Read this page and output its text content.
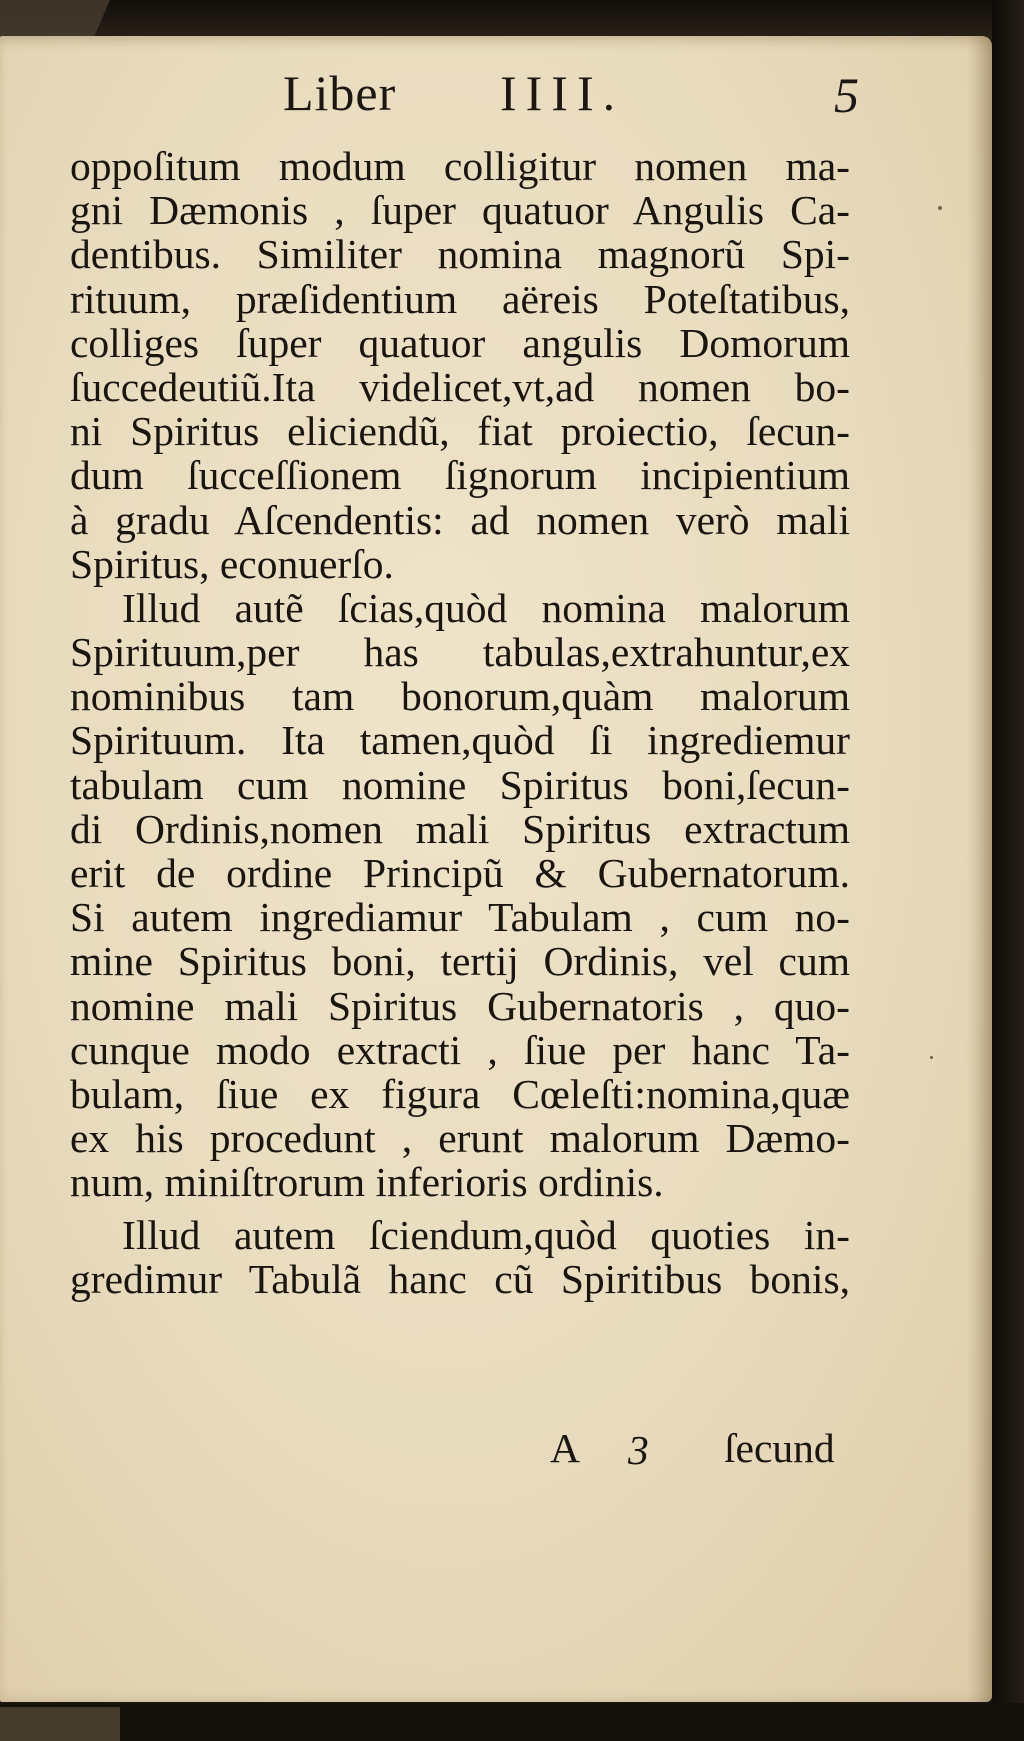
Liber IIII.	5
oppoſitum modum colligitur nomen ma-
gni Dæmonis , ſuper quatuor Angulis Ca-
dentibus. Similiter nomina magnorũ Spi-
rituum, præſidentium aëreis Poteſtatibus,
colliges ſuper quatuor angulis Domorum
ſuccedeutiũ.Ita videlicet,vt,ad nomen bo-
ni Spiritus eliciendũ, fiat proiectio, ſecun-
dum ſucceſſionem ſignorum incipientium
à gradu Aſcendentis: ad nomen verò mali
Spiritus, econuerſo.
Illud autẽ ſcias,quòd nomina malorum
Spirituum,per has tabulas,extrahuntur,ex
nominibus tam bonorum,quàm malorum
Spirituum. Ita tamen,quòd ſi ingrediemur
tabulam cum nomine Spiritus boni,ſecun-
di Ordinis,nomen mali Spiritus extractum
erit de ordine Principũ & Gubernatorum.
Si autem ingrediamur Tabulam , cum no-
mine Spiritus boni, tertij Ordinis, vel cum
nomine mali Spiritus Gubernatoris , quo-
cunque modo extracti , ſiue per hanc Ta-
bulam, ſiue ex figura Cœleſti:nomina,quæ
ex his procedunt , erunt malorum Dæmo-
num, miniſtrorum inferioris ordinis.
Illud autem ſciendum,quòd quoties in-
gredimur Tabulã hanc cũ Spiritibus bonis,
A 3 ſecund
